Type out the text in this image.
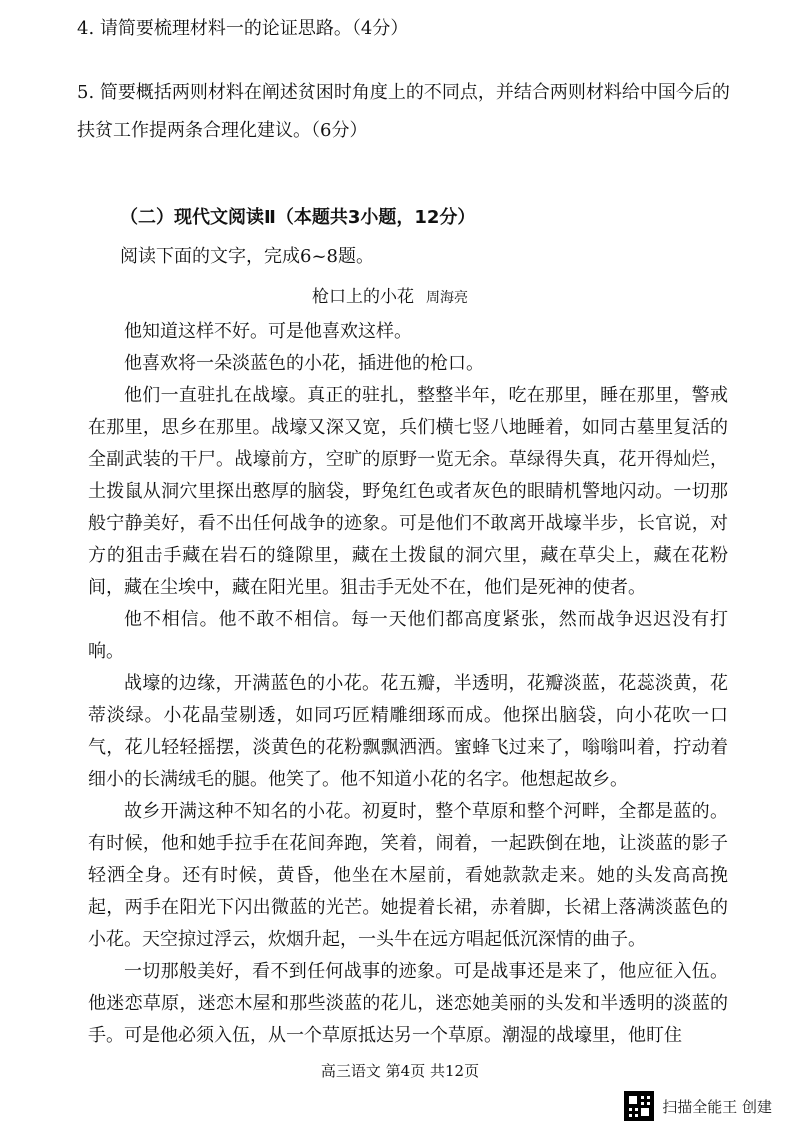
4. 请简要梳理材料一的论证思路。（4分）
5. 简要概括两则材料在阐述贫困时角度上的不同点，并结合两则材料给中国今后的扶贫工作提两条合理化建议。（6分）
（二）现代文阅读Ⅱ（本题共3小题，12分）
阅读下面的文字，完成6~8题。
枪口上的小花 周海亮

他知道这样不好。可是他喜欢这样。

他喜欢将一朵淡蓝色的小花，插进他的枪口。

他们一直驻扎在战壕。真正的驻扎，整整半年，吃在那里，睡在那里，警戒在那里，思乡在那里。战壕又深又宽，兵们横七竖八地睡着，如同古墓里复活的全副武装的干尸。战壕前方，空旷的原野一览无余。草绿得失真，花开得灿烂，土拨鼠从洞穴里探出憨厚的脑袋，野兔红色或者灰色的眼睛机警地闪动。一切那般宁静美好，看不出任何战争的迹象。可是他们不敢离开战壕半步，长官说，对方的狙击手藏在岩石的缝隙里，藏在土拨鼠的洞穴里，藏在草尖上，藏在花粉间，藏在尘埃中，藏在阳光里。狙击手无处不在，他们是死神的使者。

他不相信。他不敢不相信。每一天他们都高度紧张，然而战争迟迟没有打响。

战壕的边缘，开满蓝色的小花。花五瓣，半透明，花瓣淡蓝，花蕊淡黄，花蒂淡绿。小花晶莹剔透，如同巧匠精雕细琢而成。他探出脑袋，向小花吹一口气，花儿轻轻摇摆，淡黄色的花粉飘飘洒洒。蜜蜂飞过来了，嗡嗡叫着，拧动着细小的长满绒毛的腿。他笑了。他不知道小花的名字。他想起故乡。

故乡开满这种不知名的小花。初夏时，整个草原和整个河畔，全都是蓝的。有时候，他和她手拉手在花间奔跑，笑着，闹着，一起跌倒在地，让淡蓝的影子轻洒全身。还有时候，黄昏，他坐在木屋前，看她款款走来。她的头发高高挽起，两手在阳光下闪出微蓝的光芒。她提着长裙，赤着脚，长裙上落满淡蓝色的小花。天空掠过浮云，炊烟升起，一头牛在远方唱起低沉深情的曲子。

一切那般美好，看不到任何战事的迹象。可是战事还是来了，他应征入伍。他迷恋草原，迷恋木屋和那些淡蓝的花儿，迷恋她美丽的头发和半透明的淡蓝的手。可是他必须入伍，从一个草原抵达另一个草原。潮湿的战壕里，他盯住

高三语文 第4页 共12页
扫描全能王 创建
